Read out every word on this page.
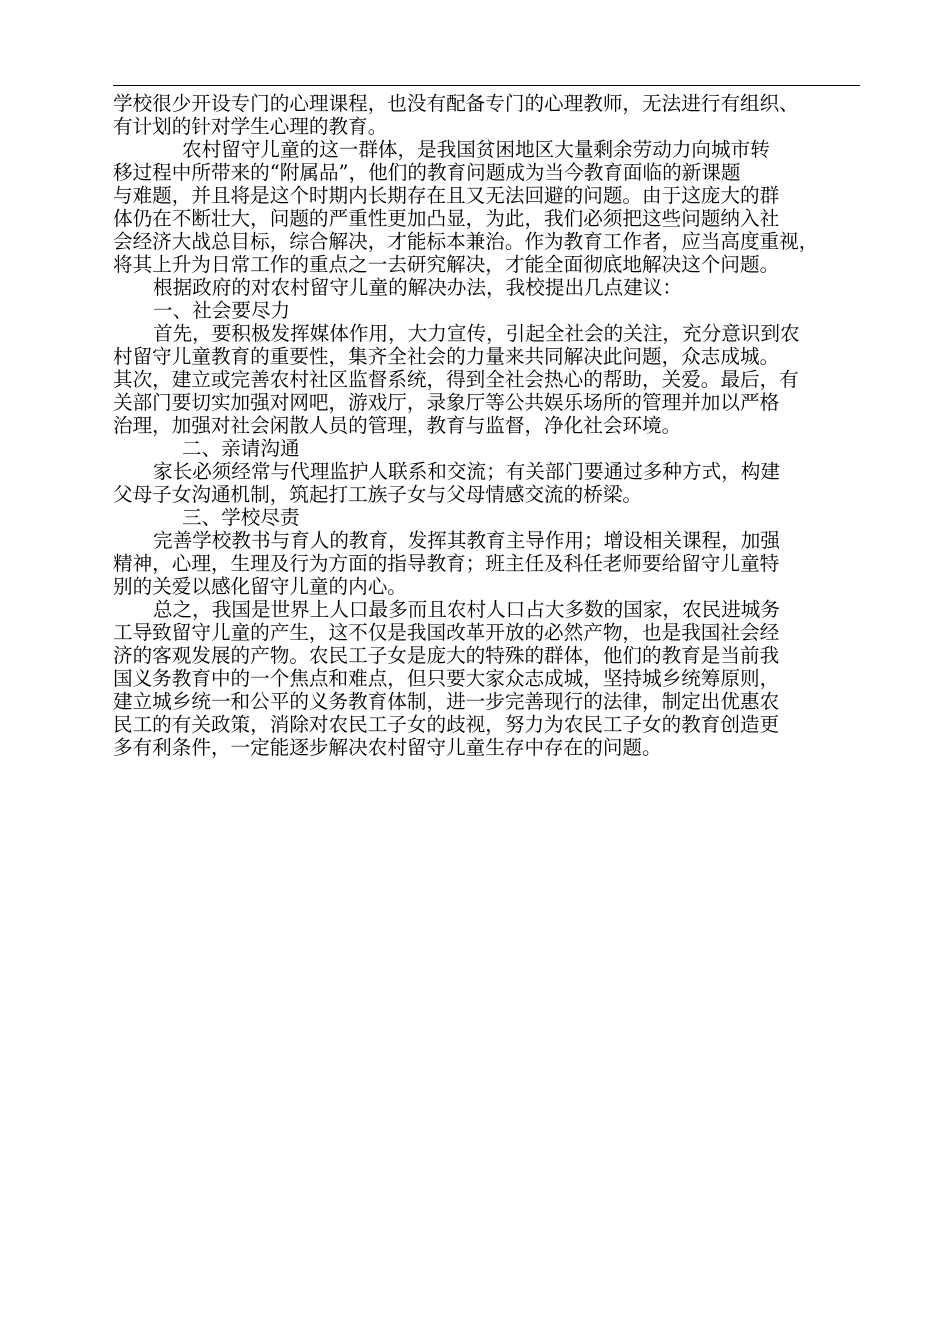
学校很少开设专门的心理课程，也没有配备专门的心理教师，无法进行有组织、
有计划的针对学生心理的教育。
农村留守儿童的这一群体，是我国贫困地区大量剩余劳动力向城市转
移过程中所带来的“附属品”，他们的教育问题成为当今教育面临的新课题
与难题，并且将是这个时期内长期存在且又无法回避的问题。由于这庞大的群
体仍在不断壮大，问题的严重性更加凸显，为此，我们必须把这些问题纳入社
会经济大战总目标，综合解决，才能标本兼治。作为教育工作者，应当高度重视，
将其上升为日常工作的重点之一去研究解决，才能全面彻底地解决这个问题。
根据政府的对农村留守儿童的解决办法，我校提出几点建议：
一、社会要尽力
首先，要积极发挥媒体作用，大力宣传，引起全社会的关注，充分意识到农
村留守儿童教育的重要性，集齐全社会的力量来共同解决此问题，众志成城。
其次，建立或完善农村社区监督系统，得到全社会热心的帮助，关爱。最后，有
关部门要切实加强对网吧，游戏厅，录象厅等公共娱乐场所的管理并加以严格
治理，加强对社会闲散人员的管理，教育与监督，净化社会环境。
二、亲请沟通
家长必须经常与代理监护人联系和交流；有关部门要通过多种方式，构建
父母子女沟通机制，筑起打工族子女与父母情感交流的桥梁。
三、学校尽责
完善学校教书与育人的教育，发挥其教育主导作用；增设相关课程，加强
精神，心理，生理及行为方面的指导教育；班主任及科任老师要给留守儿童特
别的关爱以感化留守儿童的内心。
总之，我国是世界上人口最多而且农村人口占大多数的国家，农民进城务
工导致留守儿童的产生，这不仅是我国改革开放的必然产物，也是我国社会经
济的客观发展的产物。农民工子女是庞大的特殊的群体，他们的教育是当前我
国义务教育中的一个焦点和难点，但只要大家众志成城，坚持城乡统筹原则，
建立城乡统一和公平的义务教育体制，进一步完善现行的法律，制定出优惠农
民工的有关政策，消除对农民工子女的歧视，努力为农民工子女的教育创造更
多有利条件，一定能逐步解决农村留守儿童生存中存在的问题。
